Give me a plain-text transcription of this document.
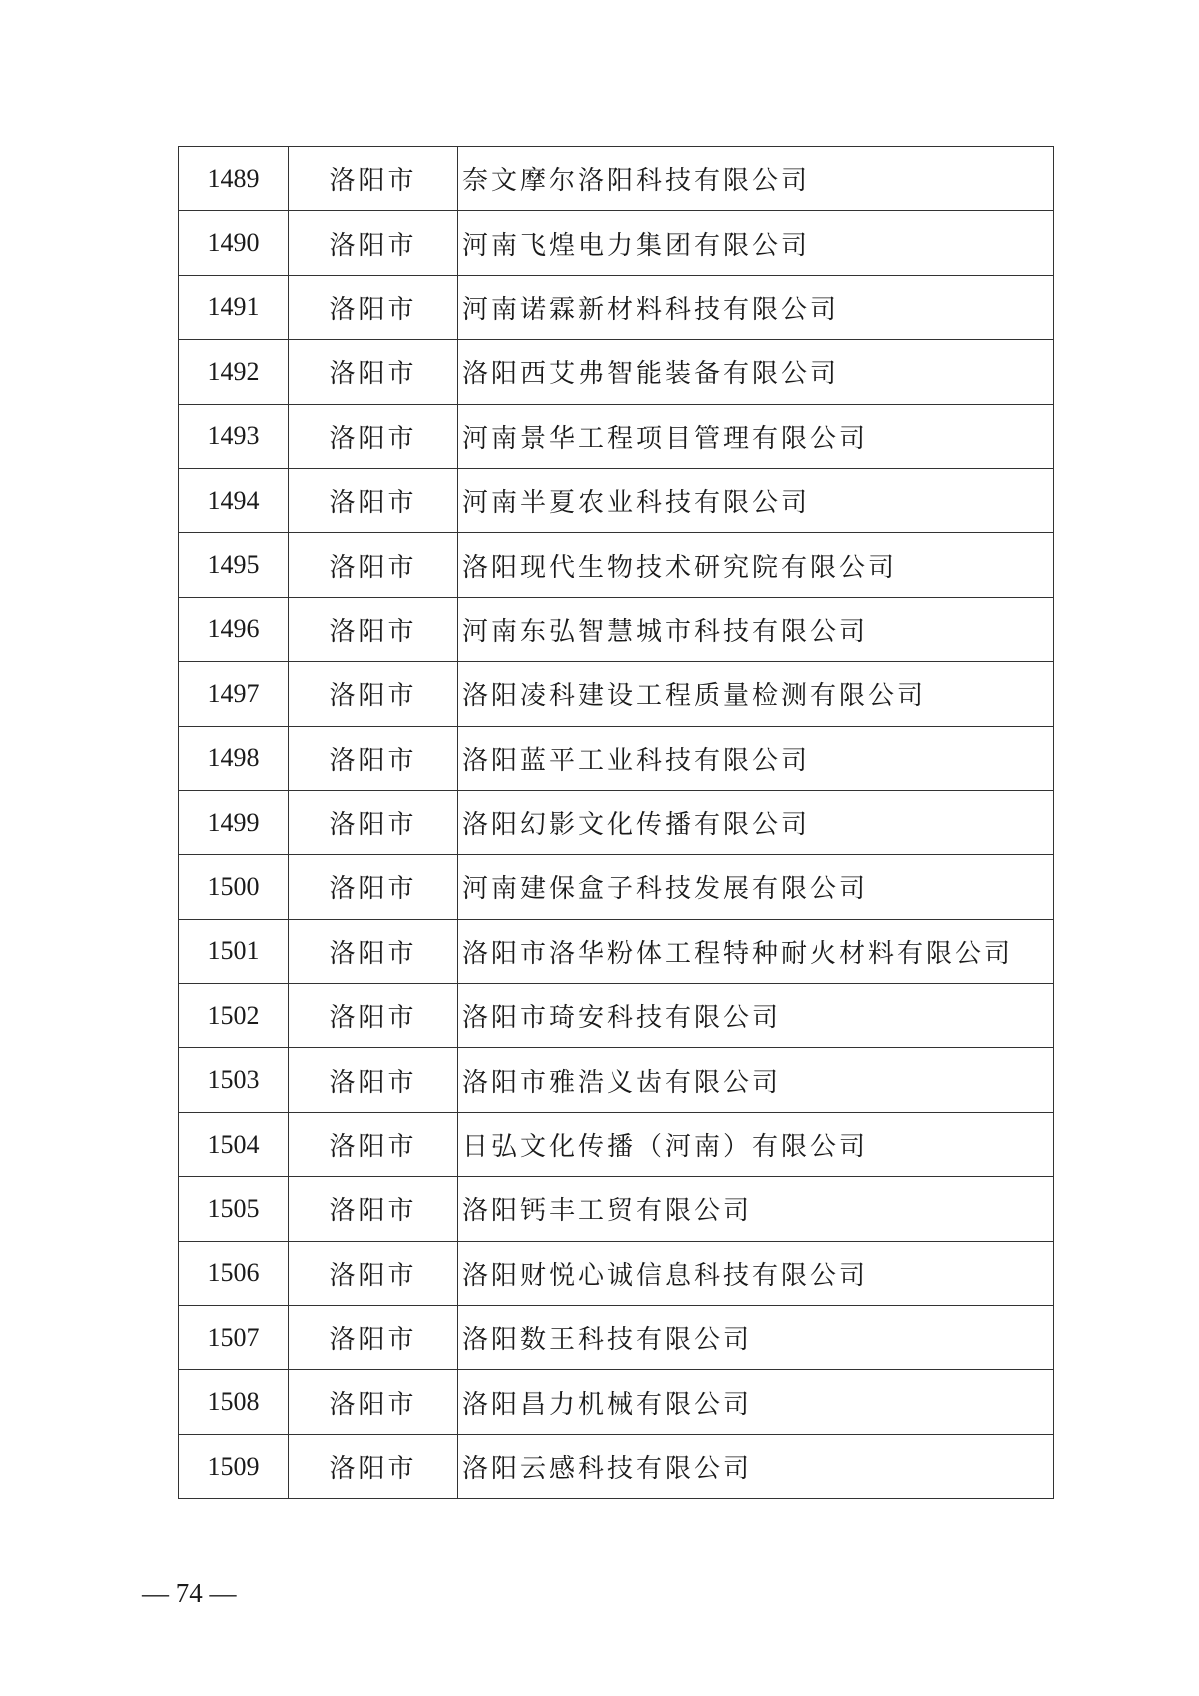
1489	洛阳市	奈文摩尔洛阳科技有限公司
1490	洛阳市	河南飞煌电力集团有限公司
1491	洛阳市	河南诺霖新材料科技有限公司
1492	洛阳市	洛阳西艾弗智能装备有限公司
1493	洛阳市	河南景华工程项目管理有限公司
1494	洛阳市	河南半夏农业科技有限公司
1495	洛阳市	洛阳现代生物技术研究院有限公司
1496	洛阳市	河南东弘智慧城市科技有限公司
1497	洛阳市	洛阳凌科建设工程质量检测有限公司
1498	洛阳市	洛阳蓝平工业科技有限公司
1499	洛阳市	洛阳幻影文化传播有限公司
1500	洛阳市	河南建保盒子科技发展有限公司
1501	洛阳市	洛阳市洛华粉体工程特种耐火材料有限公司
1502	洛阳市	洛阳市琦安科技有限公司
1503	洛阳市	洛阳市雅浩义齿有限公司
1504	洛阳市	日弘文化传播（河南）有限公司
1505	洛阳市	洛阳钙丰工贸有限公司
1506	洛阳市	洛阳财悦心诚信息科技有限公司
1507	洛阳市	洛阳数王科技有限公司
1508	洛阳市	洛阳昌力机械有限公司
1509	洛阳市	洛阳云感科技有限公司
— 74 —
